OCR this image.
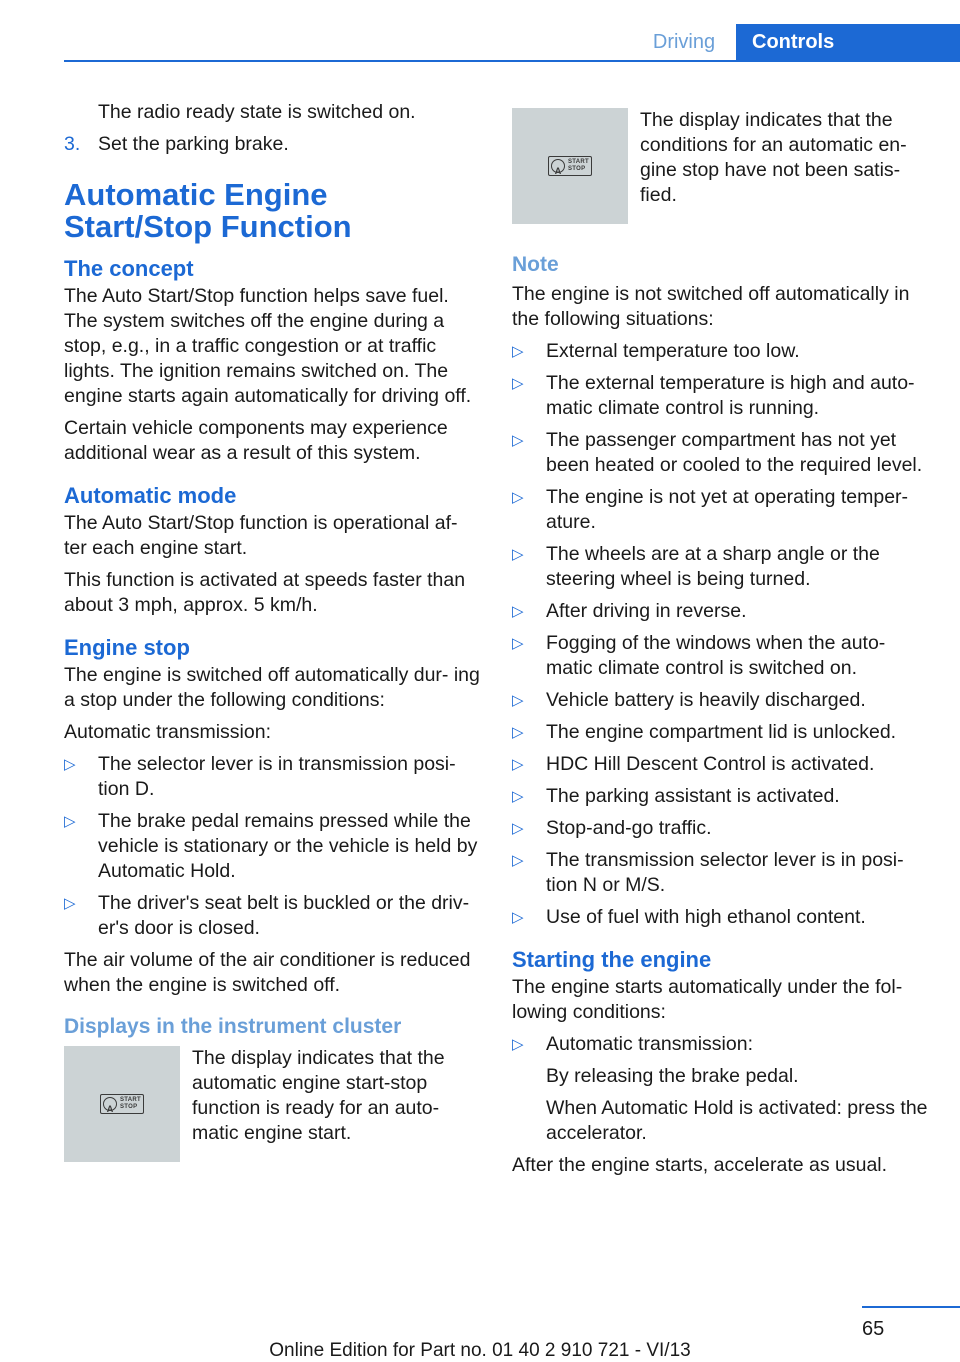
Driving	Controls

The radio ready state is switched on.

3. Set the parking brake.
Automatic Engine Start/Stop Function
The concept

The Auto Start/Stop function helps save fuel. The system switches off the engine during a stop, e.g., in a traffic congestion or at traffic lights. The ignition remains switched on. The engine starts again automatically for driving off.

Certain vehicle components may experience additional wear as a result of this system.

Automatic mode

The Auto Start/Stop function is operational af‐ ter each engine start.

This function is activated at speeds faster than about 3 mph, approx. 5 km/h.

Engine stop

The engine is switched off automatically dur‐ ing a stop under the following conditions:

Automatic transmission:

▷	The selector lever is in transmission posi‐ tion D.
▷	The brake pedal remains pressed while the vehicle is stationary or the vehicle is held by Automatic Hold.
▷	The driver's seat belt is buckled or the driv‐ er's door is closed.

The air volume of the air conditioner is reduced when the engine is switched off.

Displays in the instrument cluster
A
START
STOP
The display indicates that the automatic engine start-stop function is ready for an auto‐ matic engine start.
A
START
STOP
The display indicates that the conditions for an automatic en‐ gine stop have not been satis‐ fied.
Note

The engine is not switched off automatically in the following situations:

▷	External temperature too low.
▷	The external temperature is high and auto‐ matic climate control is running.
▷	The passenger compartment has not yet been heated or cooled to the required level.
▷	The engine is not yet at operating temper‐ ature.
▷	The wheels are at a sharp angle or the steering wheel is being turned.
▷	After driving in reverse.
▷	Fogging of the windows when the auto‐ matic climate control is switched on.
▷	Vehicle battery is heavily discharged.
▷	The engine compartment lid is unlocked.
▷	HDC Hill Descent Control is activated.
▷	The parking assistant is activated.
▷	Stop-and-go traffic.
▷	The transmission selector lever is in posi‐ tion N or M/S.
▷	Use of fuel with high ethanol content.
Starting the engine

The engine starts automatically under the fol‐ lowing conditions:

▷	Automatic transmission:
By releasing the brake pedal.
When Automatic Hold is activated: press the accelerator.

After the engine starts, accelerate as usual.

65
Online Edition for Part no. 01 40 2 910 721 - VI/13
